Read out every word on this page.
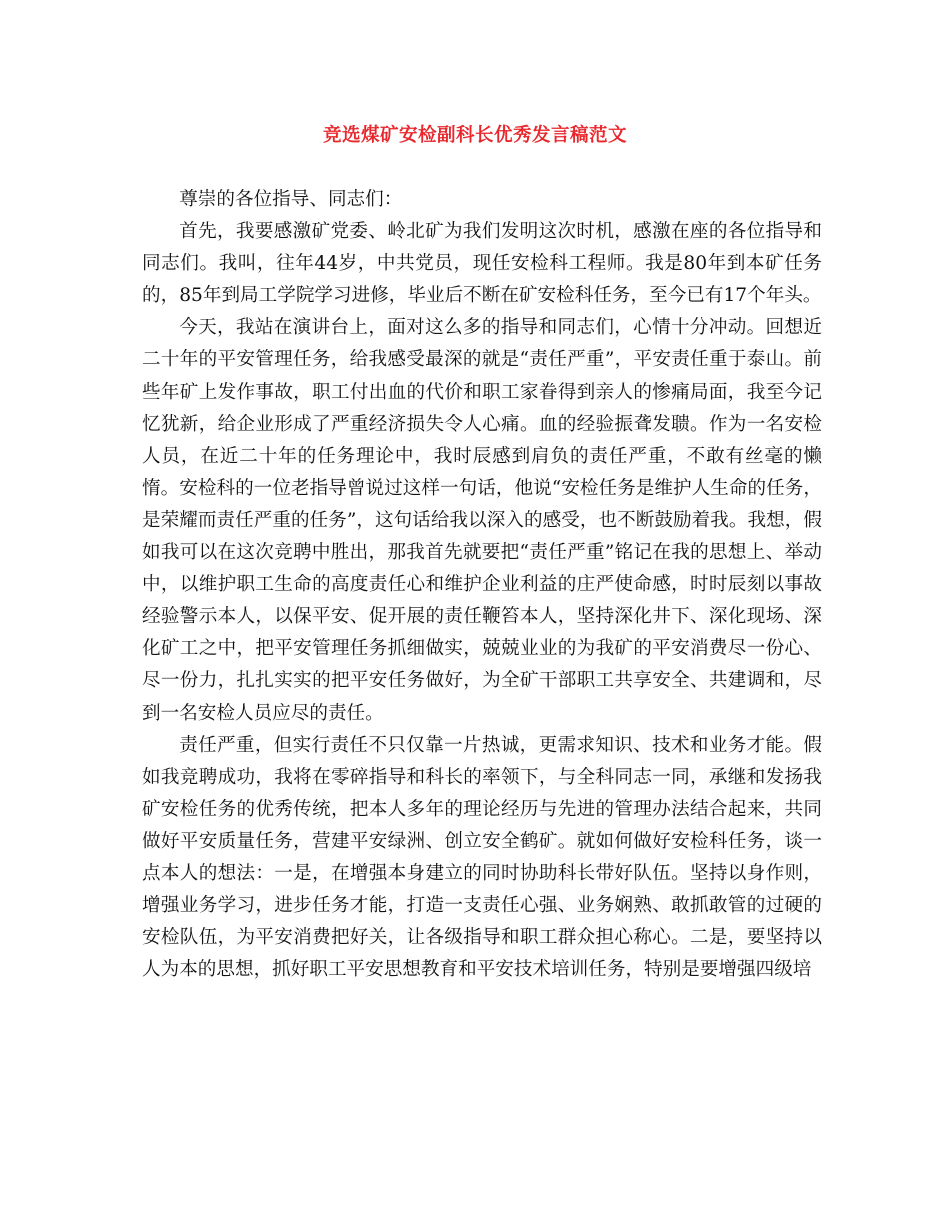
竞选煤矿安检副科长优秀发言稿范文

尊崇的各位指导、同志们：

首先，我要感激矿党委、岭北矿为我们发明这次时机，感激在座的各位指导和同志们。我叫，往年44岁，中共党员，现任安检科工程师。我是80年到本矿任务的，85年到局工学院学习进修，毕业后不断在矿安检科任务，至今已有17个年头。

今天，我站在演讲台上，面对这么多的指导和同志们，心情十分冲动。回想近二十年的平安管理任务，给我感受最深的就是“责任严重”，平安责任重于泰山。前些年矿上发作事故，职工付出血的代价和职工家眷得到亲人的惨痛局面，我至今记忆犹新，给企业形成了严重经济损失令人心痛。血的经验振聋发聩。作为一名安检人员，在近二十年的任务理论中，我时辰感到肩负的责任严重，不敢有丝毫的懒惰。安检科的一位老指导曾说过这样一句话，他说“安检任务是维护人生命的任务，是荣耀而责任严重的任务”，这句话给我以深入的感受，也不断鼓励着我。我想，假如我可以在这次竞聘中胜出，那我首先就要把“责任严重”铭记在我的思想上、举动中，以维护职工生命的高度责任心和维护企业利益的庄严使命感，时时辰刻以事故经验警示本人，以保平安、促开展的责任鞭笞本人，坚持深化井下、深化现场、深化矿工之中，把平安管理任务抓细做实，兢兢业业的为我矿的平安消费尽一份心、尽一份力，扎扎实实的把平安任务做好，为全矿干部职工共享安全、共建调和，尽到一名安检人员应尽的责任。

责任严重，但实行责任不只仅靠一片热诚，更需求知识、技术和业务才能。假如我竞聘成功，我将在零碎指导和科长的率领下，与全科同志一同，承继和发扬我矿安检任务的优秀传统，把本人多年的理论经历与先进的管理办法结合起来，共同做好平安质量任务，营建平安绿洲、创立安全鹤矿。就如何做好安检科任务，谈一点本人的想法：一是，在增强本身建立的同时协助科长带好队伍。坚持以身作则，增强业务学习，进步任务才能，打造一支责任心强、业务娴熟、敢抓敢管的过硬的安检队伍，为平安消费把好关，让各级指导和职工群众担心称心。二是，要坚持以人为本的思想，抓好职工平安思想教育和平安技术培训任务，特别是要增强四级培
